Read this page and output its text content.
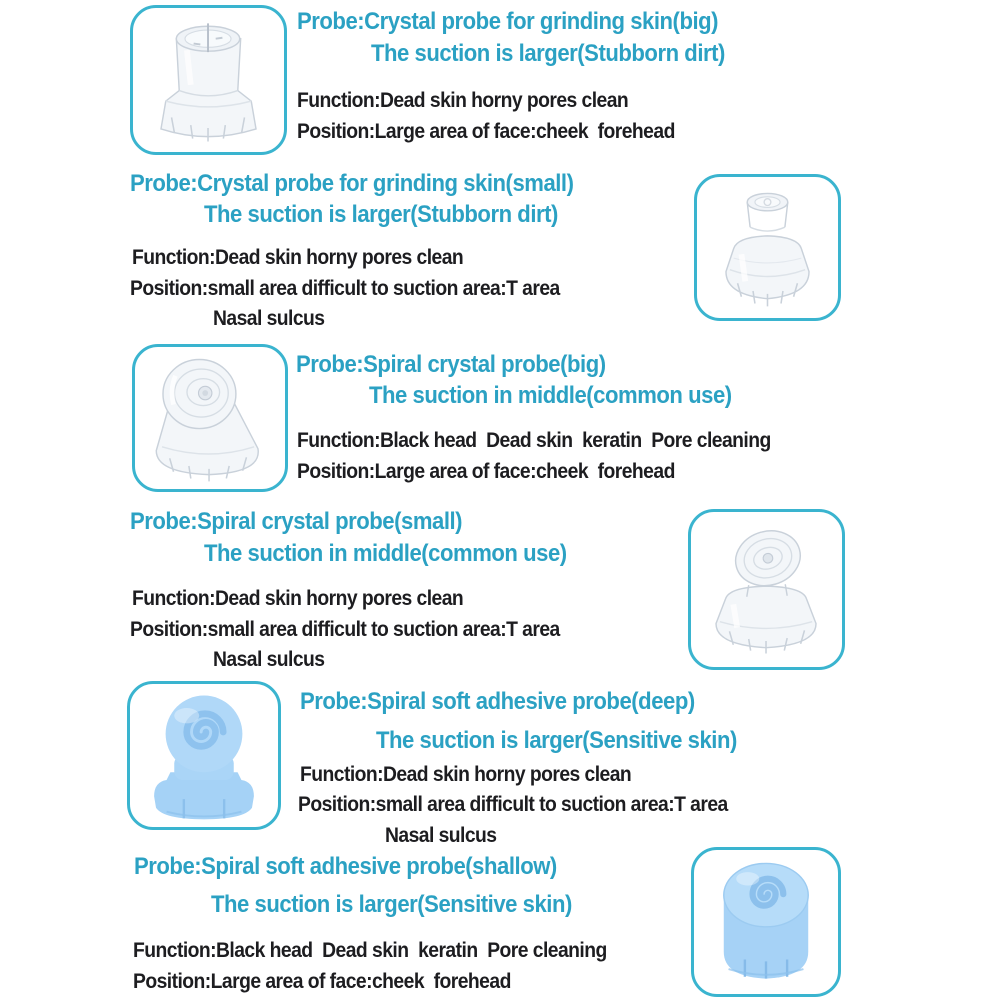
Probe:Crystal probe for grinding skin(big)
The suction is larger(Stubborn dirt)
Function:Dead skin horny pores clean
Position:Large area of face:cheek  forehead
Probe:Crystal probe for grinding skin(small)
The suction is larger(Stubborn dirt)
Function:Dead skin horny pores clean
Position:small area difficult to suction area:T area
Nasal sulcus
Probe:Spiral crystal probe(big)
The suction in middle(common use)
Function:Black head  Dead skin  keratin  Pore cleaning
Position:Large area of face:cheek  forehead
Probe:Spiral crystal probe(small)
The suction in middle(common use)
Function:Dead skin horny pores clean
Position:small area difficult to suction area:T area
Nasal sulcus
Probe:Spiral soft adhesive probe(deep)
The suction is larger(Sensitive skin)
Function:Dead skin horny pores clean
Position:small area difficult to suction area:T area
Nasal sulcus
Probe:Spiral soft adhesive probe(shallow)
The suction is larger(Sensitive skin)
Function:Black head  Dead skin  keratin  Pore cleaning
Position:Large area of face:cheek  forehead
